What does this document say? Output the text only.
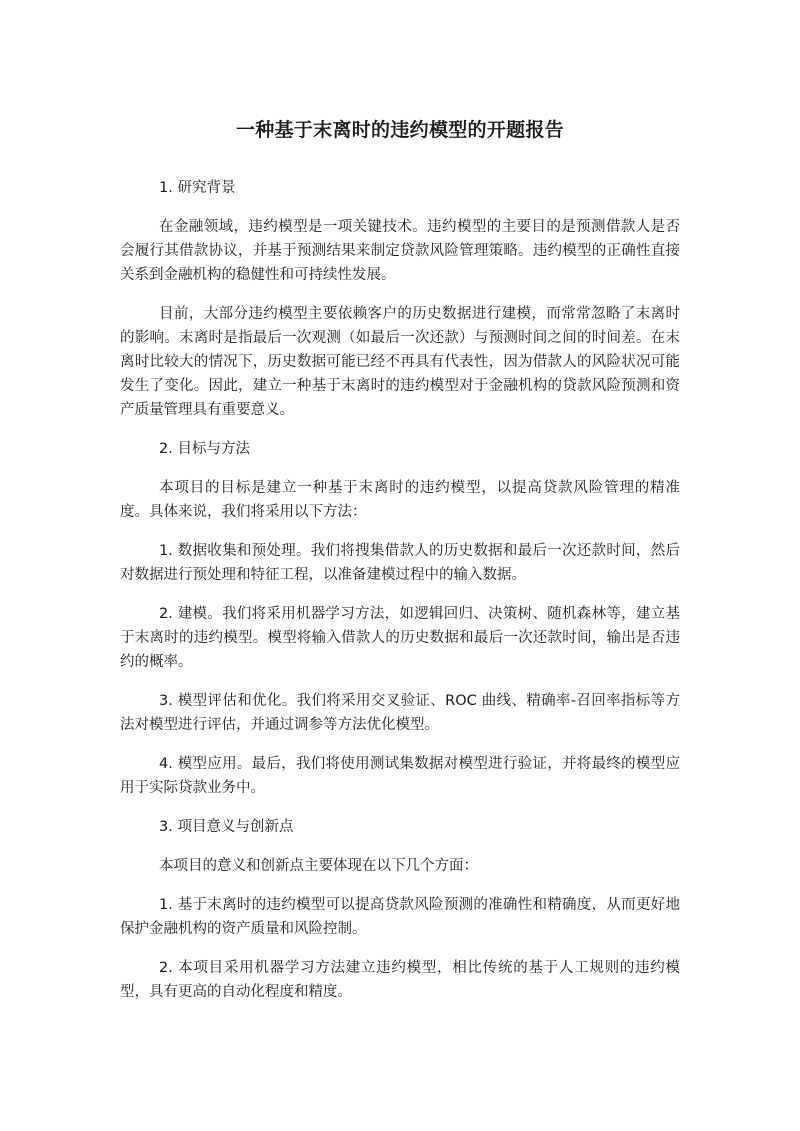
一种基于末离时的违约模型的开题报告

1. 研究背景

在金融领域，违约模型是一项关键技术。违约模型的主要目的是预测借款人是否会履行其借款协议，并基于预测结果来制定贷款风险管理策略。违约模型的正确性直接关系到金融机构的稳健性和可持续性发展。

目前，大部分违约模型主要依赖客户的历史数据进行建模，而常常忽略了末离时的影响。末离时是指最后一次观测（如最后一次还款）与预测时间之间的时间差。在末离时比较大的情况下，历史数据可能已经不再具有代表性，因为借款人的风险状况可能发生了变化。因此，建立一种基于末离时的违约模型对于金融机构的贷款风险预测和资产质量管理具有重要意义。

2. 目标与方法

本项目的目标是建立一种基于末离时的违约模型，以提高贷款风险管理的精准度。具体来说，我们将采用以下方法：

1. 数据收集和预处理。我们将搜集借款人的历史数据和最后一次还款时间，然后对数据进行预处理和特征工程，以准备建模过程中的输入数据。

2. 建模。我们将采用机器学习方法，如逻辑回归、决策树、随机森林等，建立基于末离时的违约模型。模型将输入借款人的历史数据和最后一次还款时间，输出是否违约的概率。

3. 模型评估和优化。我们将采用交叉验证、ROC 曲线、精确率-召回率指标等方法对模型进行评估，并通过调参等方法优化模型。

4. 模型应用。最后，我们将使用测试集数据对模型进行验证，并将最终的模型应用于实际贷款业务中。

3. 项目意义与创新点

本项目的意义和创新点主要体现在以下几个方面：

1. 基于末离时的违约模型可以提高贷款风险预测的准确性和精确度，从而更好地保护金融机构的资产质量和风险控制。

2. 本项目采用机器学习方法建立违约模型，相比传统的基于人工规则的违约模型，具有更高的自动化程度和精度。
